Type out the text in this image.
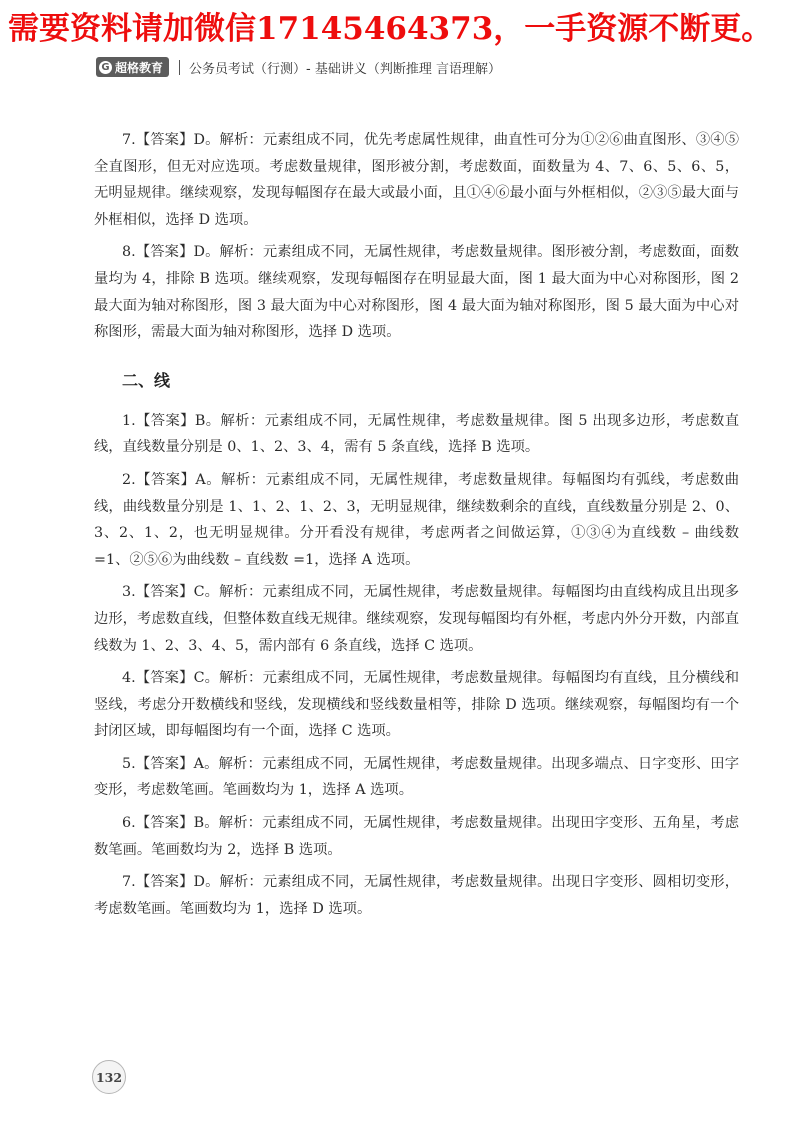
需要资料请加微信17145464373，一手资源不断更。
G 超格教育 公务员考试（行测）- 基础讲义（判断推理 言语理解）

7.【答案】D。解析：元素组成不同，优先考虑属性规律，曲直性可分为①②⑥曲直图形、③④⑤全直图形，但无对应选项。考虑数量规律，图形被分割，考虑数面，面数量为 4、7、6、5、6、5，无明显规律。继续观察，发现每幅图存在最大或最小面，且①④⑥最小面与外框相似，②③⑤最大面与外框相似，选择 D 选项。

8.【答案】D。解析：元素组成不同，无属性规律，考虑数量规律。图形被分割，考虑数面，面数量均为 4，排除 B 选项。继续观察，发现每幅图存在明显最大面，图 1 最大面为中心对称图形，图 2 最大面为轴对称图形，图 3 最大面为中心对称图形，图 4 最大面为轴对称图形，图 5 最大面为中心对称图形，需最大面为轴对称图形，选择 D 选项。

二、线

1.【答案】B。解析：元素组成不同，无属性规律，考虑数量规律。图 5 出现多边形，考虑数直线，直线数量分别是 0、1、2、3、4，需有 5 条直线，选择 B 选项。

2.【答案】A。解析：元素组成不同，无属性规律，考虑数量规律。每幅图均有弧线，考虑数曲线，曲线数量分别是 1、1、2、1、2、3，无明显规律，继续数剩余的直线，直线数量分别是 2、0、3、2、1、2，也无明显规律。分开看没有规律，考虑两者之间做运算，①③④为直线数 – 曲线数 =1、②⑤⑥为曲线数 – 直线数 =1，选择 A 选项。

3.【答案】C。解析：元素组成不同，无属性规律，考虑数量规律。每幅图均由直线构成且出现多边形，考虑数直线，但整体数直线无规律。继续观察，发现每幅图均有外框，考虑内外分开数，内部直线数为 1、2、3、4、5，需内部有 6 条直线，选择 C 选项。

4.【答案】C。解析：元素组成不同，无属性规律，考虑数量规律。每幅图均有直线，且分横线和竖线，考虑分开数横线和竖线，发现横线和竖线数量相等，排除 D 选项。继续观察，每幅图均有一个封闭区域，即每幅图均有一个面，选择 C 选项。

5.【答案】A。解析：元素组成不同，无属性规律，考虑数量规律。出现多端点、日字变形、田字变形，考虑数笔画。笔画数均为 1，选择 A 选项。

6.【答案】B。解析：元素组成不同，无属性规律，考虑数量规律。出现田字变形、五角星，考虑数笔画。笔画数均为 2，选择 B 选项。

7.【答案】D。解析：元素组成不同，无属性规律，考虑数量规律。出现日字变形、圆相切变形，考虑数笔画。笔画数均为 1，选择 D 选项。

132
